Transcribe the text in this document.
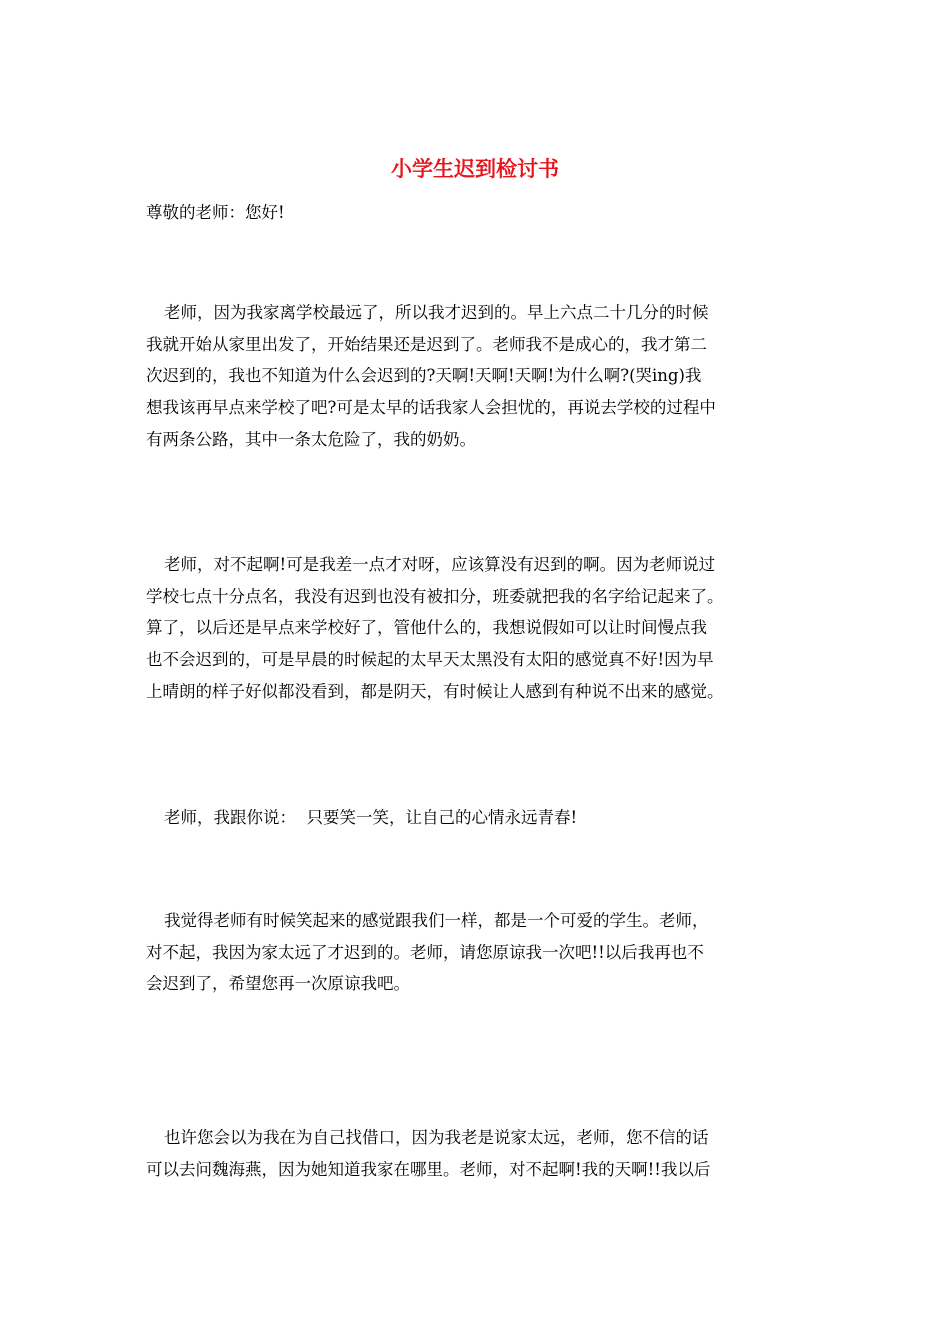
小学生迟到检讨书

尊敬的老师：您好!

老师，因为我家离学校最远了，所以我才迟到的。早上六点二十几分的时候
我就开始从家里出发了，开始结果还是迟到了。老师我不是成心的，我才第二
次迟到的，我也不知道为什么会迟到的?天啊!天啊!天啊!为什么啊?(哭ing)我
想我该再早点来学校了吧?可是太早的话我家人会担忧的，再说去学校的过程中
有两条公路，其中一条太危险了，我的奶奶。

老师，对不起啊!可是我差一点才对呀，应该算没有迟到的啊。因为老师说过
学校七点十分点名，我没有迟到也没有被扣分，班委就把我的名字给记起来了。
算了，以后还是早点来学校好了，管他什么的，我想说假如可以让时间慢点我
也不会迟到的，可是早晨的时候起的太早天太黑没有太阳的感觉真不好!因为早
上晴朗的样子好似都没看到，都是阴天，有时候让人感到有种说不出来的感觉。

老师，我跟你说：  只要笑一笑，让自己的心情永远青春!

我觉得老师有时候笑起来的感觉跟我们一样，都是一个可爱的学生。老师，
对不起，我因为家太远了才迟到的。老师，请您原谅我一次吧!!以后我再也不
会迟到了，希望您再一次原谅我吧。

也许您会以为我在为自己找借口，因为我老是说家太远，老师，您不信的话
可以去问魏海燕，因为她知道我家在哪里。老师，对不起啊!我的天啊!!我以后
